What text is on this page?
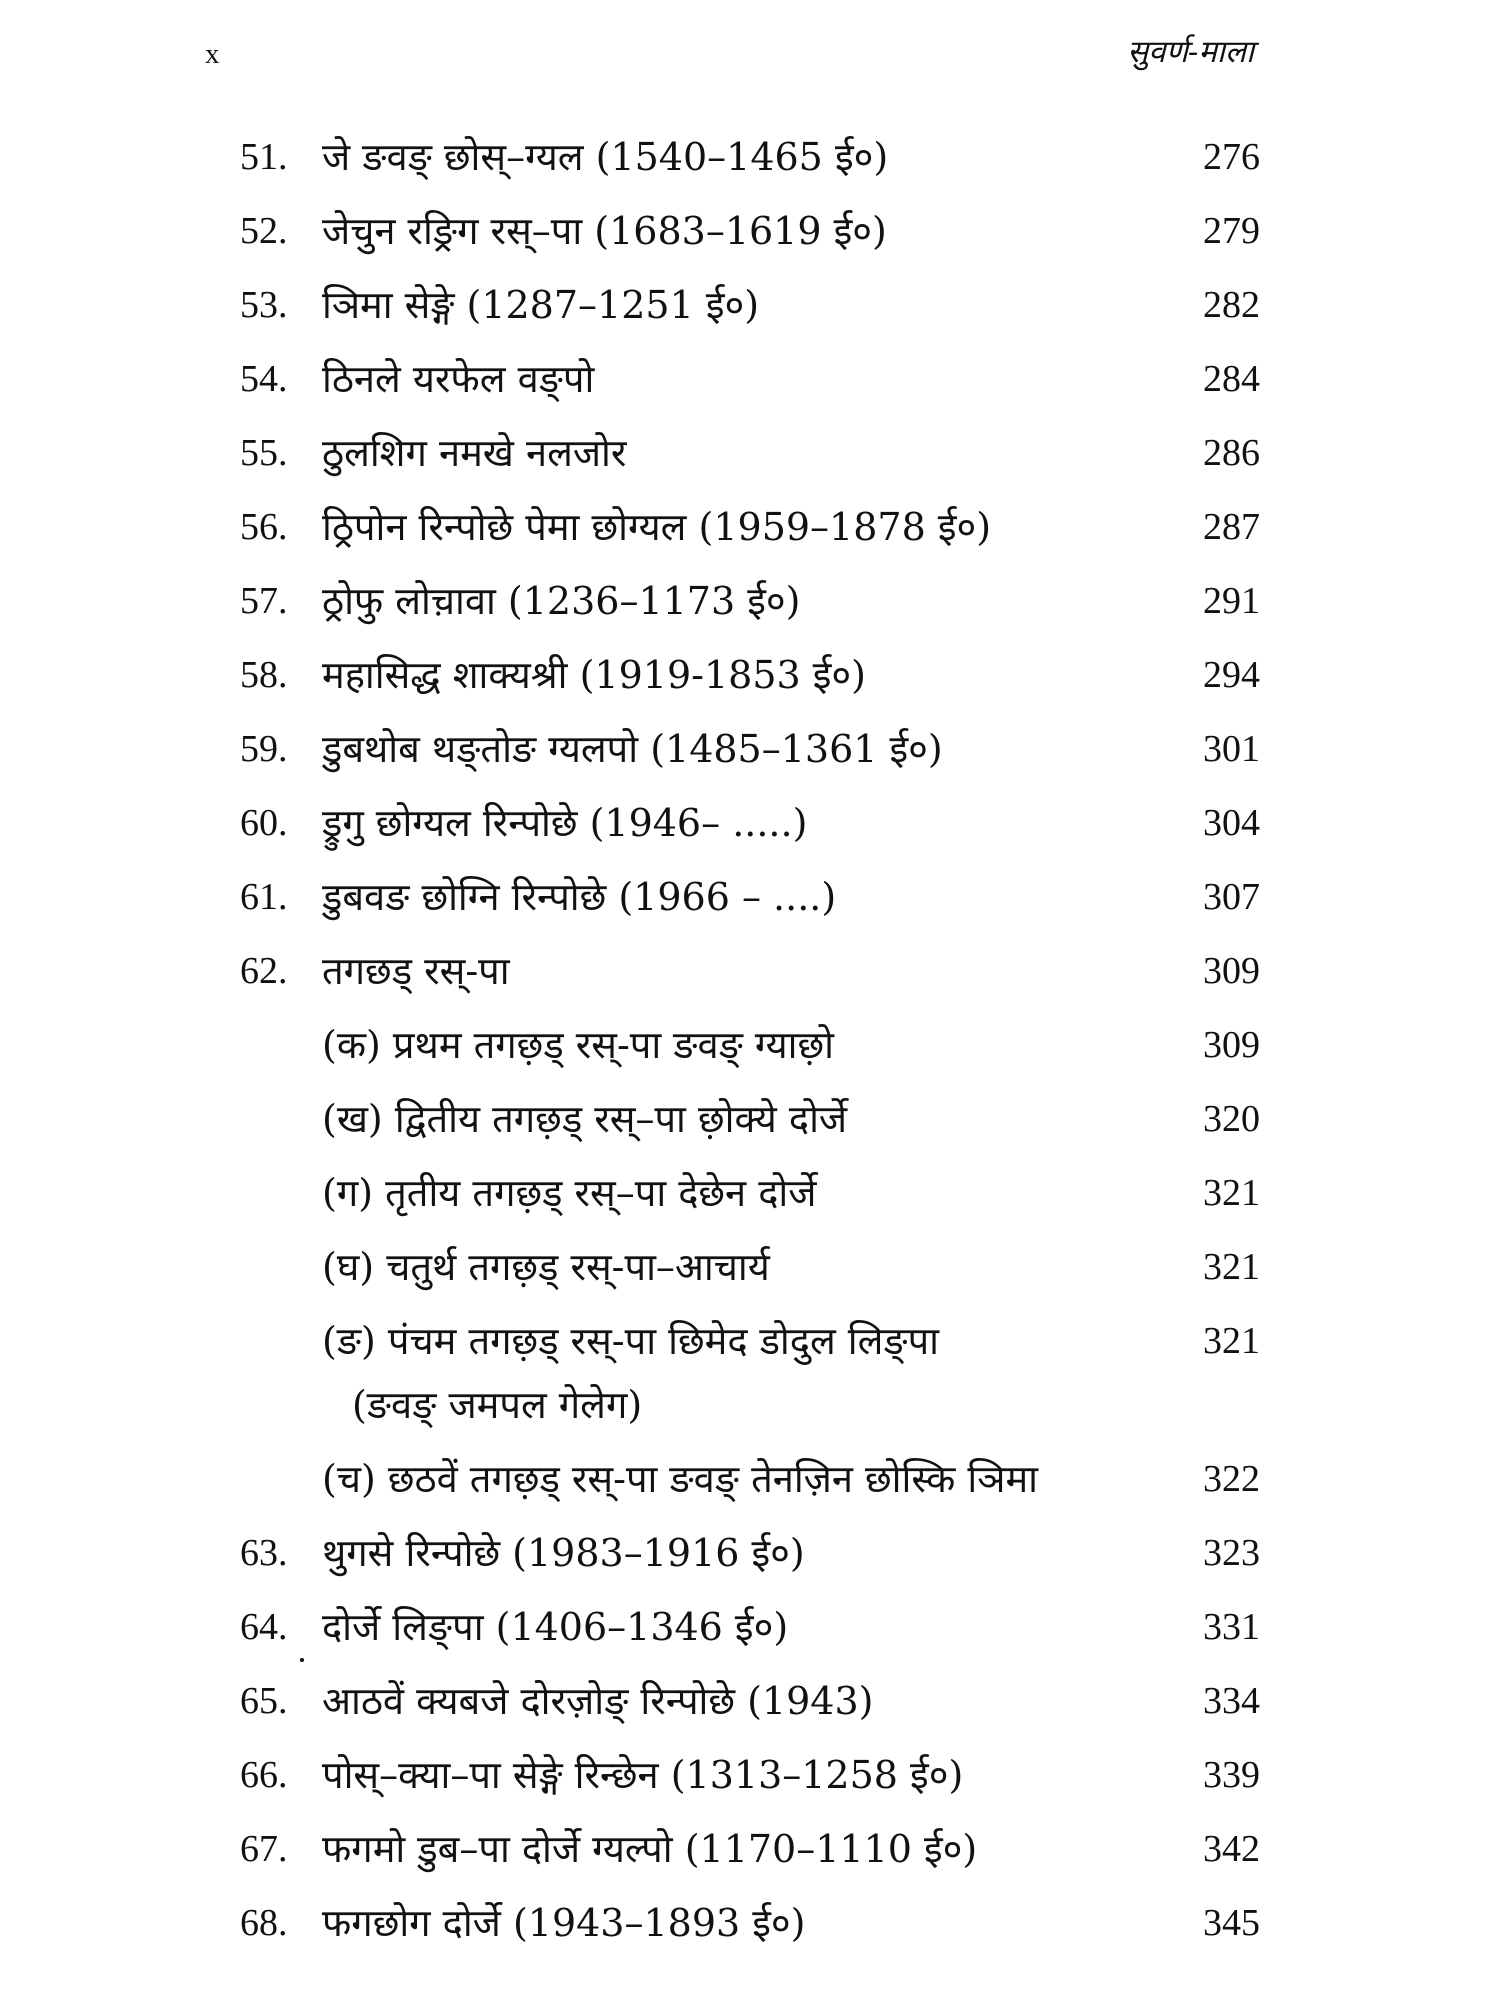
x	सुवर्ण-माला
51. जे ङवङ् छोस्–ग्यल (1540–1465 ई०)	276
52. जेचुन रङ्रिग रस्–पा (1683–1619 ई०)	279
53. ञिमा सेङ्गे (1287–1251 ई०)	282
54. ठिनले यरफेल वङ्पो	284
55. ठुलशिग नमखे नलजोर	286
56. ठ्रिपोन रिन्पोछे पेमा छोग्यल (1959–1878 ई०)	287
57. ठ्रोफु लोच़ावा (1236–1173 ई०)	291
58. महासिद्ध शाक्यश्री (1919-1853 ई०)	294
59. डुबथोब थङ्तोङ ग्यलपो (1485–1361 ई०)	301
60. ड्रुगु छोग्यल रिन्पोछे (1946– .....)	304
61. डुबवङ छोग्नि रिन्पोछे (1966 – ....)	307
62. तगछड् रस्-पा	309
(क) प्रथम तगछ़ड् रस्-पा ङवङ् ग्याछ़ो	309
(ख) द्वितीय तगछ़ड् रस्–पा छ़ोक्ये दोर्जे	320
(ग) तृतीय तगछ़ड् रस्–पा देछेन दोर्जे	321
(घ) चतुर्थ तगछ़ड् रस्-पा–आचार्य	321
(ङ) पंचम तगछ़ड् रस्-पा छिमेद डोदुल लिङ्पा	321
(ङवङ् जमपल गेलेग)
(च) छठवें तगछ़ड् रस्-पा ङवङ् तेनज़िन छोस्कि ञिमा	322
63. थुगसे रिन्पोछे (1983–1916 ई०)	323
64. दोर्जे लिङ्पा (1406–1346 ई०)	331
65. आठवें क्यबजे दोरज़ोङ् रिन्पोछे (1943)	334
66. पोस्–क्या–पा सेङ्गे रिन्छेन (1313–1258 ई०)	339
67. फगमो डुब–पा दोर्जे ग्यल्पो (1170–1110 ई०)	342
68. फगछोग दोर्जे (1943–1893 ई०)	345
